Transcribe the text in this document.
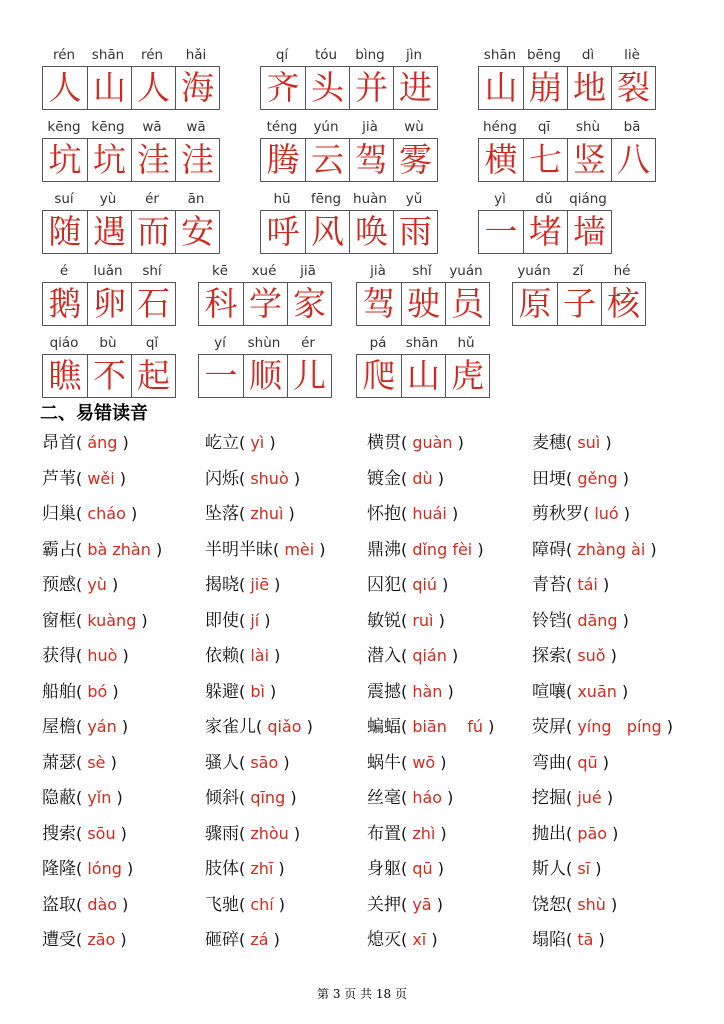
rén	shān	rén	hǎi
人 山 人 海
qí	tóu	bìng	jìn
齐 头 并 进
shān bēng	dì	liè
山 崩 地 裂
kēng kēng	wā	wā
坑 坑 洼 洼
téng	yún	jià	wù
腾 云 驾 雾
héng	qī	shù	bā
横 七 竖 八
suí	yù	ér	ān
随 遇 而 安
hū	fēng huàn	yǔ
呼 风 唤 雨
yì	dǔ	qiáng
一 堵 墙
é	luǎn	shí
鹅 卵 石
kē	xué	jiā
科 学 家
jià	shǐ	yuán
驾 驶 员
yuán	zǐ	hé
原 子 核
qiáo	bù	qǐ
瞧 不 起
yí	shùn	ér
一 顺 儿
pá	shān	hǔ
爬 山 虎
二、易错读音
昂首( áng )	屹立( yì )	横贯( guàn )	麦穗( suì )
芦苇( wěi )	闪烁( shuò )	镀金( dù )	田埂( gěng )
归巢( cháo )	坠落( zhuì )	怀抱( huái )	剪秋罗( luó )
霸占( bà zhàn )	半明半昧( mèi ) 鼎沸( dǐng fèi )	障碍( zhàng ài )
预感( yù )	揭晓( jiē )	囚犯( qiú )	青苔( tái )
窗框( kuàng )	即使( jí )	敏锐( ruì )	铃铛( dāng )
获得( huò )	依赖( lài )	潜入( qián )	探索( suǒ )
船舶( bó )	躲避( bì )	震撼( hàn )	喧嚷( xuān )
屋檐( yán )	家雀儿( qiǎo )	蝙蝠( biān    fú ) 荧屏( yíng   píng )
萧瑟( sè )	骚人( sāo )	蜗牛( wō )	弯曲( qū )
隐蔽( yǐn )	倾斜( qīng )	丝毫( háo )	挖掘( jué )
搜索( sōu )	骤雨( zhòu )	布置( zhì )	抛出( pāo )
隆隆( lóng )	肢体( zhī )	身躯( qū )	斯人( sī )
盗取( dào )	飞驰( chí )	关押( yā )	饶恕( shù )
遭受( zāo )	砸碎( zá )	熄灭( xī )	塌陷( tā )
第 3 页 共 18 页
